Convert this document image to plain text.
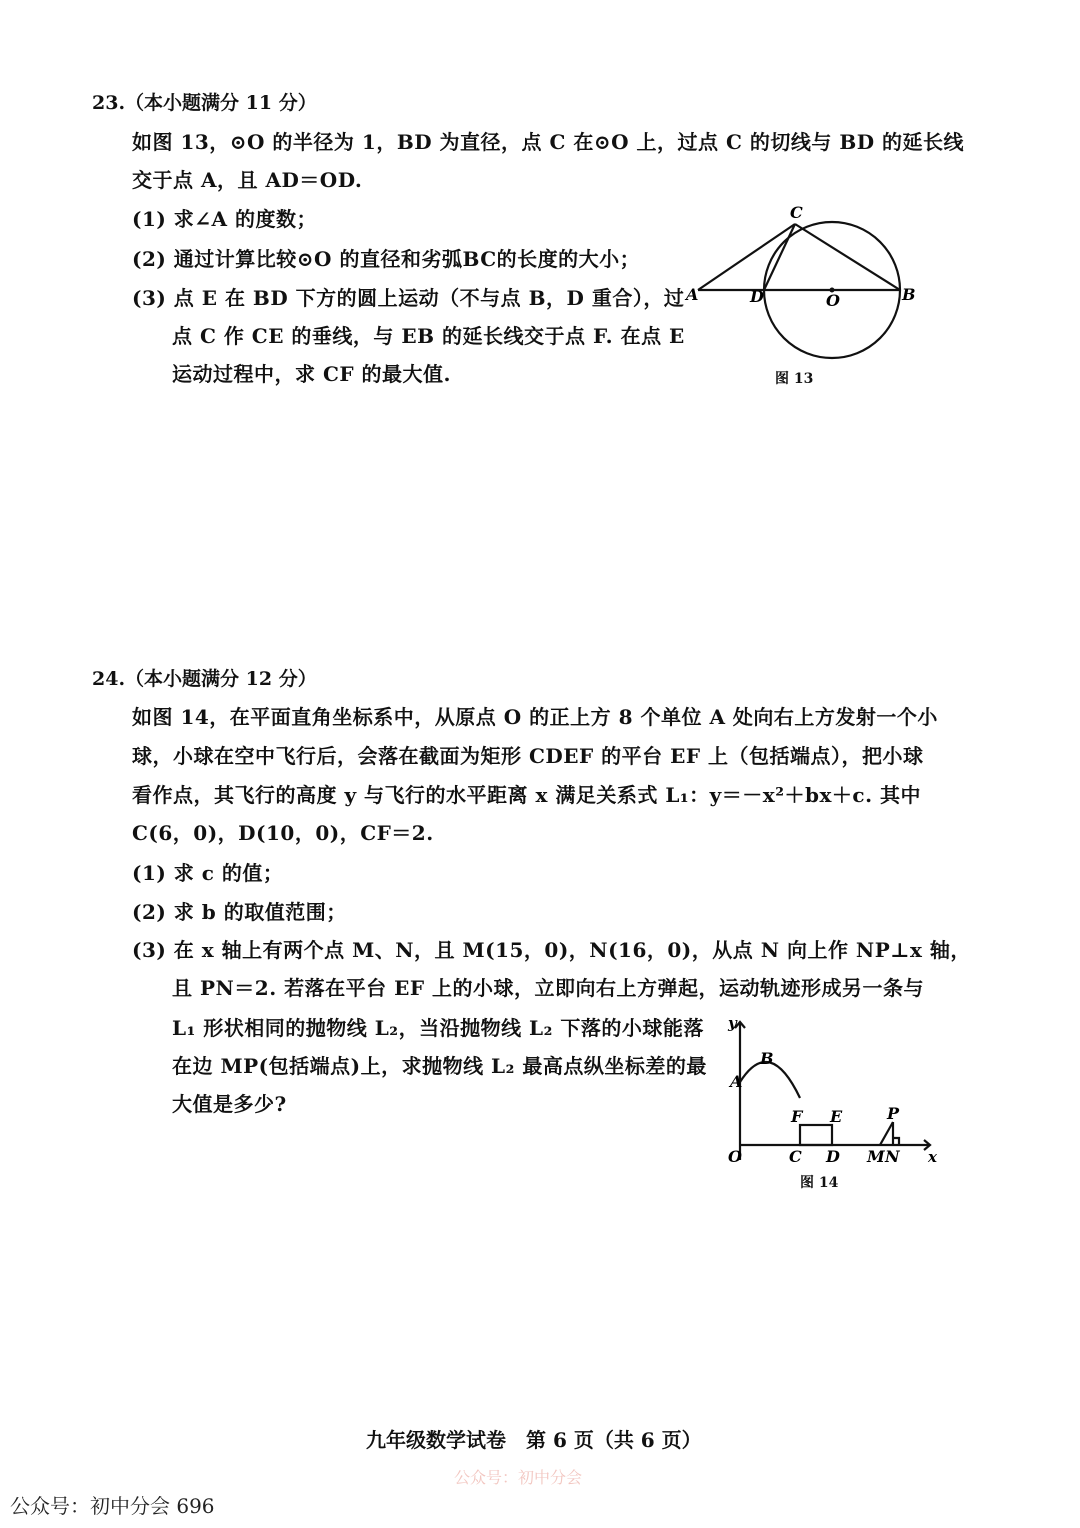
23.（本小题满分 11 分）
如图 13，⊙O 的半径为 1，BD 为直径，点 C 在⊙O 上，过点 C 的切线与 BD 的延长线
交于点 A，且 AD＝OD.
(1) 求∠A 的度数；
(2) 通过计算比较⊙O 的直径和劣弧BC的长度的大小；
(3) 点 E 在 BD 下方的圆上运动（不与点 B，D 重合），过
点 C 作 CE 的垂线，与 EB 的延长线交于点 F. 在点 E
运动过程中，求 CF 的最大值.
A	D	O	B
C
图 13
24.（本小题满分 12 分）
如图 14，在平面直角坐标系中，从原点 O 的正上方 8 个单位 A 处向右上方发射一个小
球，小球在空中飞行后，会落在截面为矩形 CDEF 的平台 EF 上（包括端点），把小球
看作点，其飞行的高度 y 与飞行的水平距离 x 满足关系式 L₁：y＝－x²＋bx＋c. 其中
C(6，0)，D(10，0)，CF＝2.
(1) 求 c 的值；
(2) 求 b 的取值范围；
(3) 在 x 轴上有两个点 M、N，且 M(15，0)，N(16，0)，从点 N 向上作 NP⊥x 轴，
且 PN＝2. 若落在平台 EF 上的小球，立即向右上方弹起，运动轨迹形成另一条与
L₁ 形状相同的抛物线 L₂，当沿抛物线 L₂ 下落的小球能落
在边 MP(包括端点)上，求抛物线 L₂ 最高点纵坐标差的最
大值是多少?
y
x
O
A
B
F E
C D M N
P
图 14
九年级数学试卷　第 6 页（共 6 页）
公众号：初中分会
公众号：初中分会 696
